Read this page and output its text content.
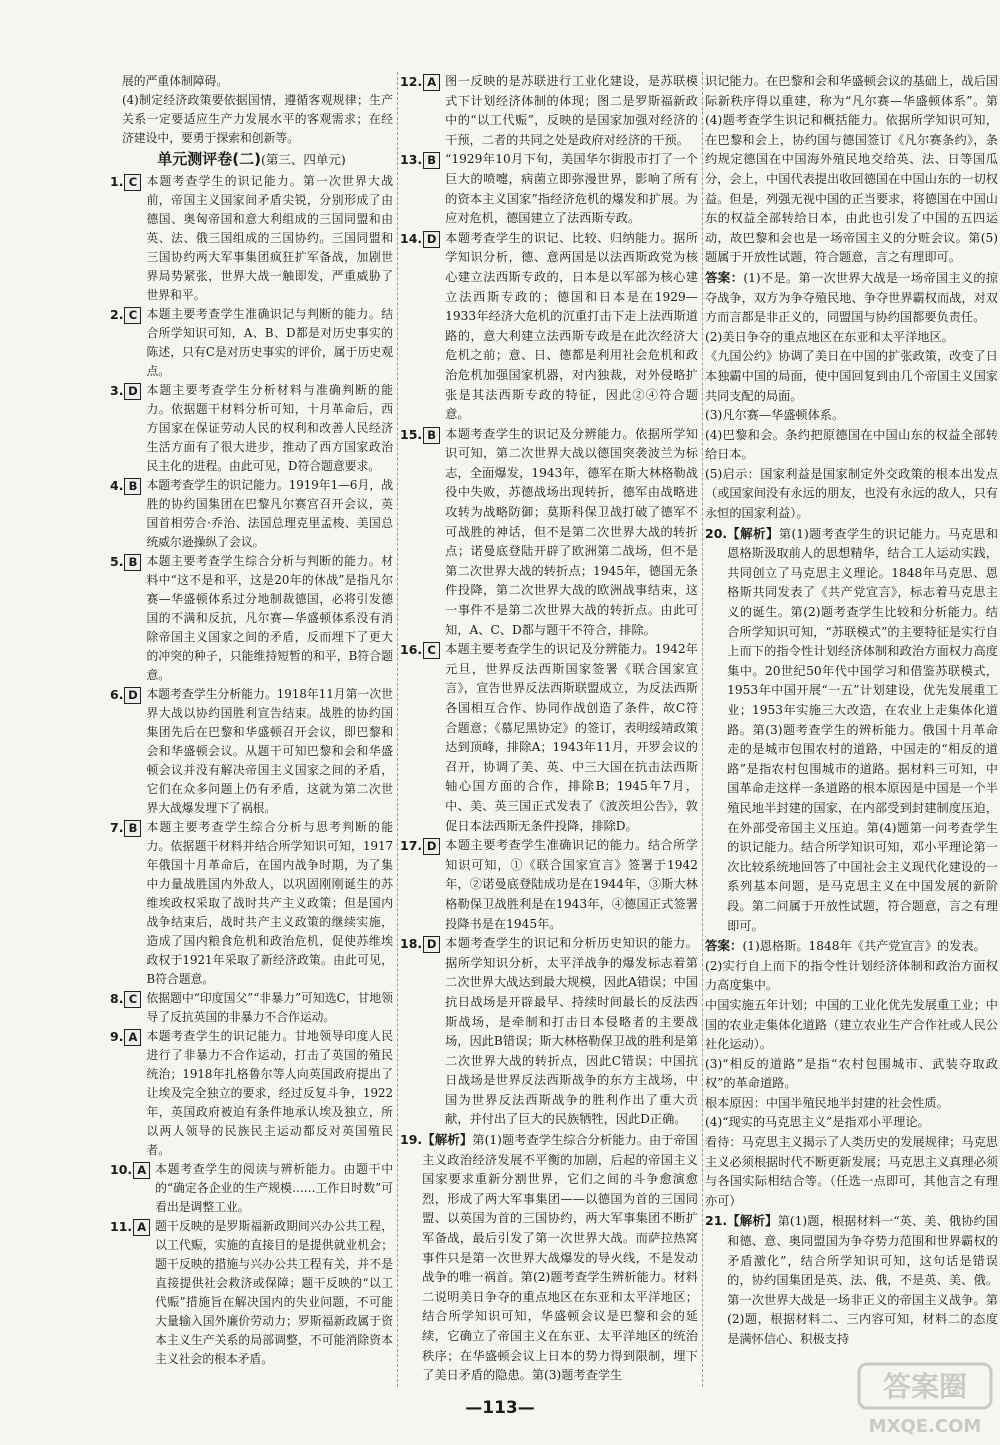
展的严重体制障碍。

(4)制定经济政策要依据国情，遵循客观规律；生产关系一定要适应生产力发展水平的客观需求；在经济建设中，要勇于探索和创新等。

单元测评卷(二)(第三、四单元)
1. C 本题考查学生的识记能力。第一次世界大战前，帝国主义国家间矛盾尖锐，分别形成了由德国、奥匈帝国和意大利组成的三国同盟和由英、法、俄三国组成的三国协约。三国同盟和三国协约两大军事集团疯狂扩军备战，加剧世界局势紧张，世界大战一触即发，严重威胁了世界和平。
2. C 本题主要考查学生准确识记与判断的能力。结合所学知识可知，A、B、D都是对历史事实的陈述，只有C是对历史事实的评价，属于历史观点。
3. D 本题主要考查学生分析材料与准确判断的能力。依据题干材料分析可知，十月革命后，西方国家在保证劳动人民的权利和改善人民经济生活方面有了很大进步，推动了西方国家政治民主化的进程。由此可见，D符合题意要求。
4. B 本题考查学生的识记能力。1919年1—6月，战胜的协约国集团在巴黎凡尔赛宫召开会议，英国首相劳合·乔治、法国总理克里孟梭、美国总统威尔逊操纵了会议。
5. B 本题主要考查学生综合分析与判断的能力。材料中“这不是和平，这是20年的休战”是指凡尔赛—华盛顿体系过分地制裁德国，必将引发德国的不满和反抗，凡尔赛—华盛顿体系没有消除帝国主义国家之间的矛盾，反而埋下了更大的冲突的种子，只能维持短暂的和平，B符合题意。
6. D 本题考查学生分析能力。1918年11月第一次世界大战以协约国胜利宣告结束。战胜的协约国集团先后在巴黎和华盛顿召开会议，即巴黎和会和华盛顿会议。从题干可知巴黎和会和华盛顿会议并没有解决帝国主义国家之间的矛盾，它们在众多问题上仍有矛盾，这就为第二次世界大战爆发埋下了祸根。
7. B 本题主要考查学生综合分析与思考判断的能力。依据题干材料并结合所学知识可知，1917年俄国十月革命后，在国内战争时期，为了集中力量战胜国内外敌人，以巩固刚刚诞生的苏维埃政权采取了战时共产主义政策；但是国内战争结束后，战时共产主义政策的继续实施，造成了国内粮食危机和政治危机，促使苏维埃政权于1921年采取了新经济政策。由此可见，B符合题意。
8. C 依据题中“印度国父”“非暴力”可知选C，甘地领导了反抗英国的非暴力不合作运动。
9. A 本题考查学生的识记能力。甘地领导印度人民进行了非暴力不合作运动，打击了英国的殖民统治；1918年扎格鲁尔等人向英国政府提出了让埃及完全独立的要求，经过反复斗争，1922年，英国政府被迫有条件地承认埃及独立，所以两人领导的民族民主运动都反对英国殖民者。
10. A 本题考查学生的阅读与辨析能力。由题干中的“确定各企业的生产规模……工作日时数”可看出是调整工业。
11. A 题干反映的是罗斯福新政期间兴办公共工程，以工代赈，实施的直接目的是提供就业机会；题干反映的措施与兴办公共工程有关，并不是直接提供社会救济或保障；题干反映的“以工代赈”措施旨在解决国内的失业问题，不可能大量输入国外廉价劳动力；罗斯福新政属于资本主义生产关系的局部调整，不可能消除资本主义社会的根本矛盾。
12. A 图一反映的是苏联进行工业化建设，是苏联模式下计划经济体制的体现；图二是罗斯福新政中的“以工代赈”，反映的是国家加强对经济的干预，二者的共同之处是政府对经济的干预。
13. B “1929年10月下旬，美国华尔街股市打了一个巨大的喷嚏，病菌立即弥漫世界，影响了所有的资本主义国家”指经济危机的爆发和扩展。为应对危机，德国建立了法西斯专政。
14. D 本题考查学生的识记、比较、归纳能力。据所学知识分析，德、意两国是以法西斯政党为核心建立法西斯专政的，日本是以军部为核心建立法西斯专政的；德国和日本是在1929—1933年经济大危机的沉重打击下走上法西斯道路的，意大利建立法西斯专政是在此次经济大危机之前；意、日、德都是利用社会危机和政治危机加强国家机器，对内独裁，对外侵略扩张是其法西斯专政的特征，因此②④符合题意。
15. B 本题考查学生的识记及分辨能力。依据所学知识可知，第二次世界大战以德国突袭波兰为标志，全面爆发，1943年，德军在斯大林格勒战役中失败，苏德战场出现转折，德军由战略进攻转为战略防御；莫斯科保卫战打破了德军不可战胜的神话，但不是第二次世界大战的转折点；诺曼底登陆开辟了欧洲第二战场，但不是第二次世界大战的转折点；1945年，德国无条件投降，第二次世界大战的欧洲战事结束，这一事件不是第二次世界大战的转折点。由此可知，A、C、D都与题干不符合，排除。
16. C 本题主要考查学生的识记及分辨能力。1942年元旦，世界反法西斯国家签署《联合国家宣言》，宣告世界反法西斯联盟成立，为反法西斯各国相互合作、协同作战创造了条件，故C符合题意；《慕尼黑协定》的签订，表明绥靖政策达到顶峰，排除A；1943年11月，开罗会议的召开，协调了美、英、中三大国在抗击法西斯轴心国方面的合作，排除B；1945年7月，中、美、英三国正式发表了《波茨坦公告》，敦促日本法西斯无条件投降，排除D。
17. D 本题主要考查学生准确识记的能力。结合所学知识可知，①《联合国家宣言》签署于1942年，②诺曼底登陆成功是在1944年，③斯大林格勒保卫战胜利是在1943年，④德国正式签署投降书是在1945年。
18. D 本题考查学生的识记和分析历史知识的能力。据所学知识分析，太平洋战争的爆发标志着第二次世界大战达到最大规模，因此A错误；中国抗日战场是开辟最早、持续时间最长的反法西斯战场，是牵制和打击日本侵略者的主要战场，因此B错误；斯大林格勒保卫战的胜利是第二次世界大战的转折点，因此C错误；中国抗日战场是世界反法西斯战争的东方主战场，中国为世界反法西斯战争的胜利作出了重大贡献，并付出了巨大的民族牺牲，因此D正确。
19. 【解析】第(1)题考查学生综合分析能力。由于帝国主义政治经济发展不平衡的加剧，后起的帝国主义国家要求重新分割世界，它们之间的斗争愈演愈烈，形成了两大军事集团——以德国为首的三国同盟、以英国为首的三国协约，两大军事集团不断扩军备战，最后引发了第一次世界大战。而萨拉热窝事件只是第一次世界大战爆发的导火线，不是发动战争的唯一祸首。第(2)题考查学生辨析能力。材料二说明美日争夺的重点地区在东亚和太平洋地区；结合所学知识可知，华盛顿会议是巴黎和会的延续，它确立了帝国主义在东亚、太平洋地区的统治秩序；在华盛顿会议上日本的势力得到限制，埋下了美日矛盾的隐患。第(3)题考查学生

识记能力。在巴黎和会和华盛顿会议的基础上，战后国际新秩序得以重建，称为“凡尔赛—华盛顿体系”。第(4)题考查学生识记和概括能力。依据所学知识可知，在巴黎和会上，协约国与德国签订《凡尔赛条约》，条约规定德国在中国海外殖民地交给英、法、日等国瓜分，会上，中国代表提出收回德国在中国山东的一切权益。但是，列强无视中国的正当要求，将德国在中国山东的权益全部转给日本，由此也引发了中国的五四运动，故巴黎和会也是一场帝国主义的分赃会议。第(5)题属于开放性试题，符合题意，言之有理即可。

答案：(1)不是。第一次世界大战是一场帝国主义的掠夺战争，双方为争夺殖民地、争夺世界霸权而战，对双方而言都是非正义的，同盟国与协约国都要负责任。

(2)美日争夺的重点地区在东亚和太平洋地区。

《九国公约》协调了美日在中国的扩张政策，改变了日本独霸中国的局面，使中国回复到由几个帝国主义国家共同支配的局面。

(3)凡尔赛—华盛顿体系。

(4)巴黎和会。条约把原德国在中国山东的权益全部转给日本。

(5)启示：国家利益是国家制定外交政策的根本出发点（或国家间没有永远的朋友，也没有永远的敌人，只有永恒的国家利益）。

20. 【解析】第(1)题考查学生的识记能力。马克思和恩格斯汲取前人的思想精华，结合工人运动实践，共同创立了马克思主义理论。1848年马克思、恩格斯共同发表了《共产党宣言》，标志着马克思主义的诞生。第(2)题考查学生比较和分析能力。结合所学知识可知，“苏联模式”的主要特征是实行自上而下的指令性计划经济体制和政治方面权力高度集中。20世纪50年代中国学习和借鉴苏联模式，1953年中国开展“一五”计划建设，优先发展重工业；1953年实施三大改造，在农业上走集体化道路。第(3)题考查学生的辨析能力。俄国十月革命走的是城市包围农村的道路，中国走的“相反的道路”是指农村包围城市的道路。据材料三可知，中国革命走这样一条道路的根本原因是中国是一个半殖民地半封建的国家，在内部受到封建制度压迫，在外部受帝国主义压迫。第(4)题第一问考查学生的识记能力。结合所学知识可知，邓小平理论第一次比较系统地回答了中国社会主义现代化建设的一系列基本问题，是马克思主义在中国发展的新阶段。第二问属于开放性试题，符合题意，言之有理即可。

答案：(1)恩格斯。1848年《共产党宣言》的发表。

(2)实行自上而下的指令性计划经济体制和政治方面权力高度集中。

中国实施五年计划；中国的工业化优先发展重工业；中国的农业走集体化道路（建立农业生产合作社或人民公社化运动）。

(3)“相反的道路”是指“农村包围城市、武装夺取政权”的革命道路。

根本原因：中国半殖民地半封建的社会性质。

(4)“现实的马克思主义”是指邓小平理论。

看待：马克思主义揭示了人类历史的发展规律；马克思主义必须根据时代不断更新发展；马克思主义真理必须与各国实际相结合等。（任选一点即可，其他言之有理亦可）

21. 【解析】第(1)题，根据材料一“英、美、俄协约国和德、意、奥同盟国为争夺势力范围和世界霸权的矛盾激化”，结合所学知识可知，这句话是错误的，协约国集团是英、法、俄，不是英、美、俄。第一次世界大战是一场非正义的帝国主义战争。第(2)题，根据材料二、三内容可知，材料二的态度是满怀信心、积极支持
—113—
答案圈
MXQE.COM
